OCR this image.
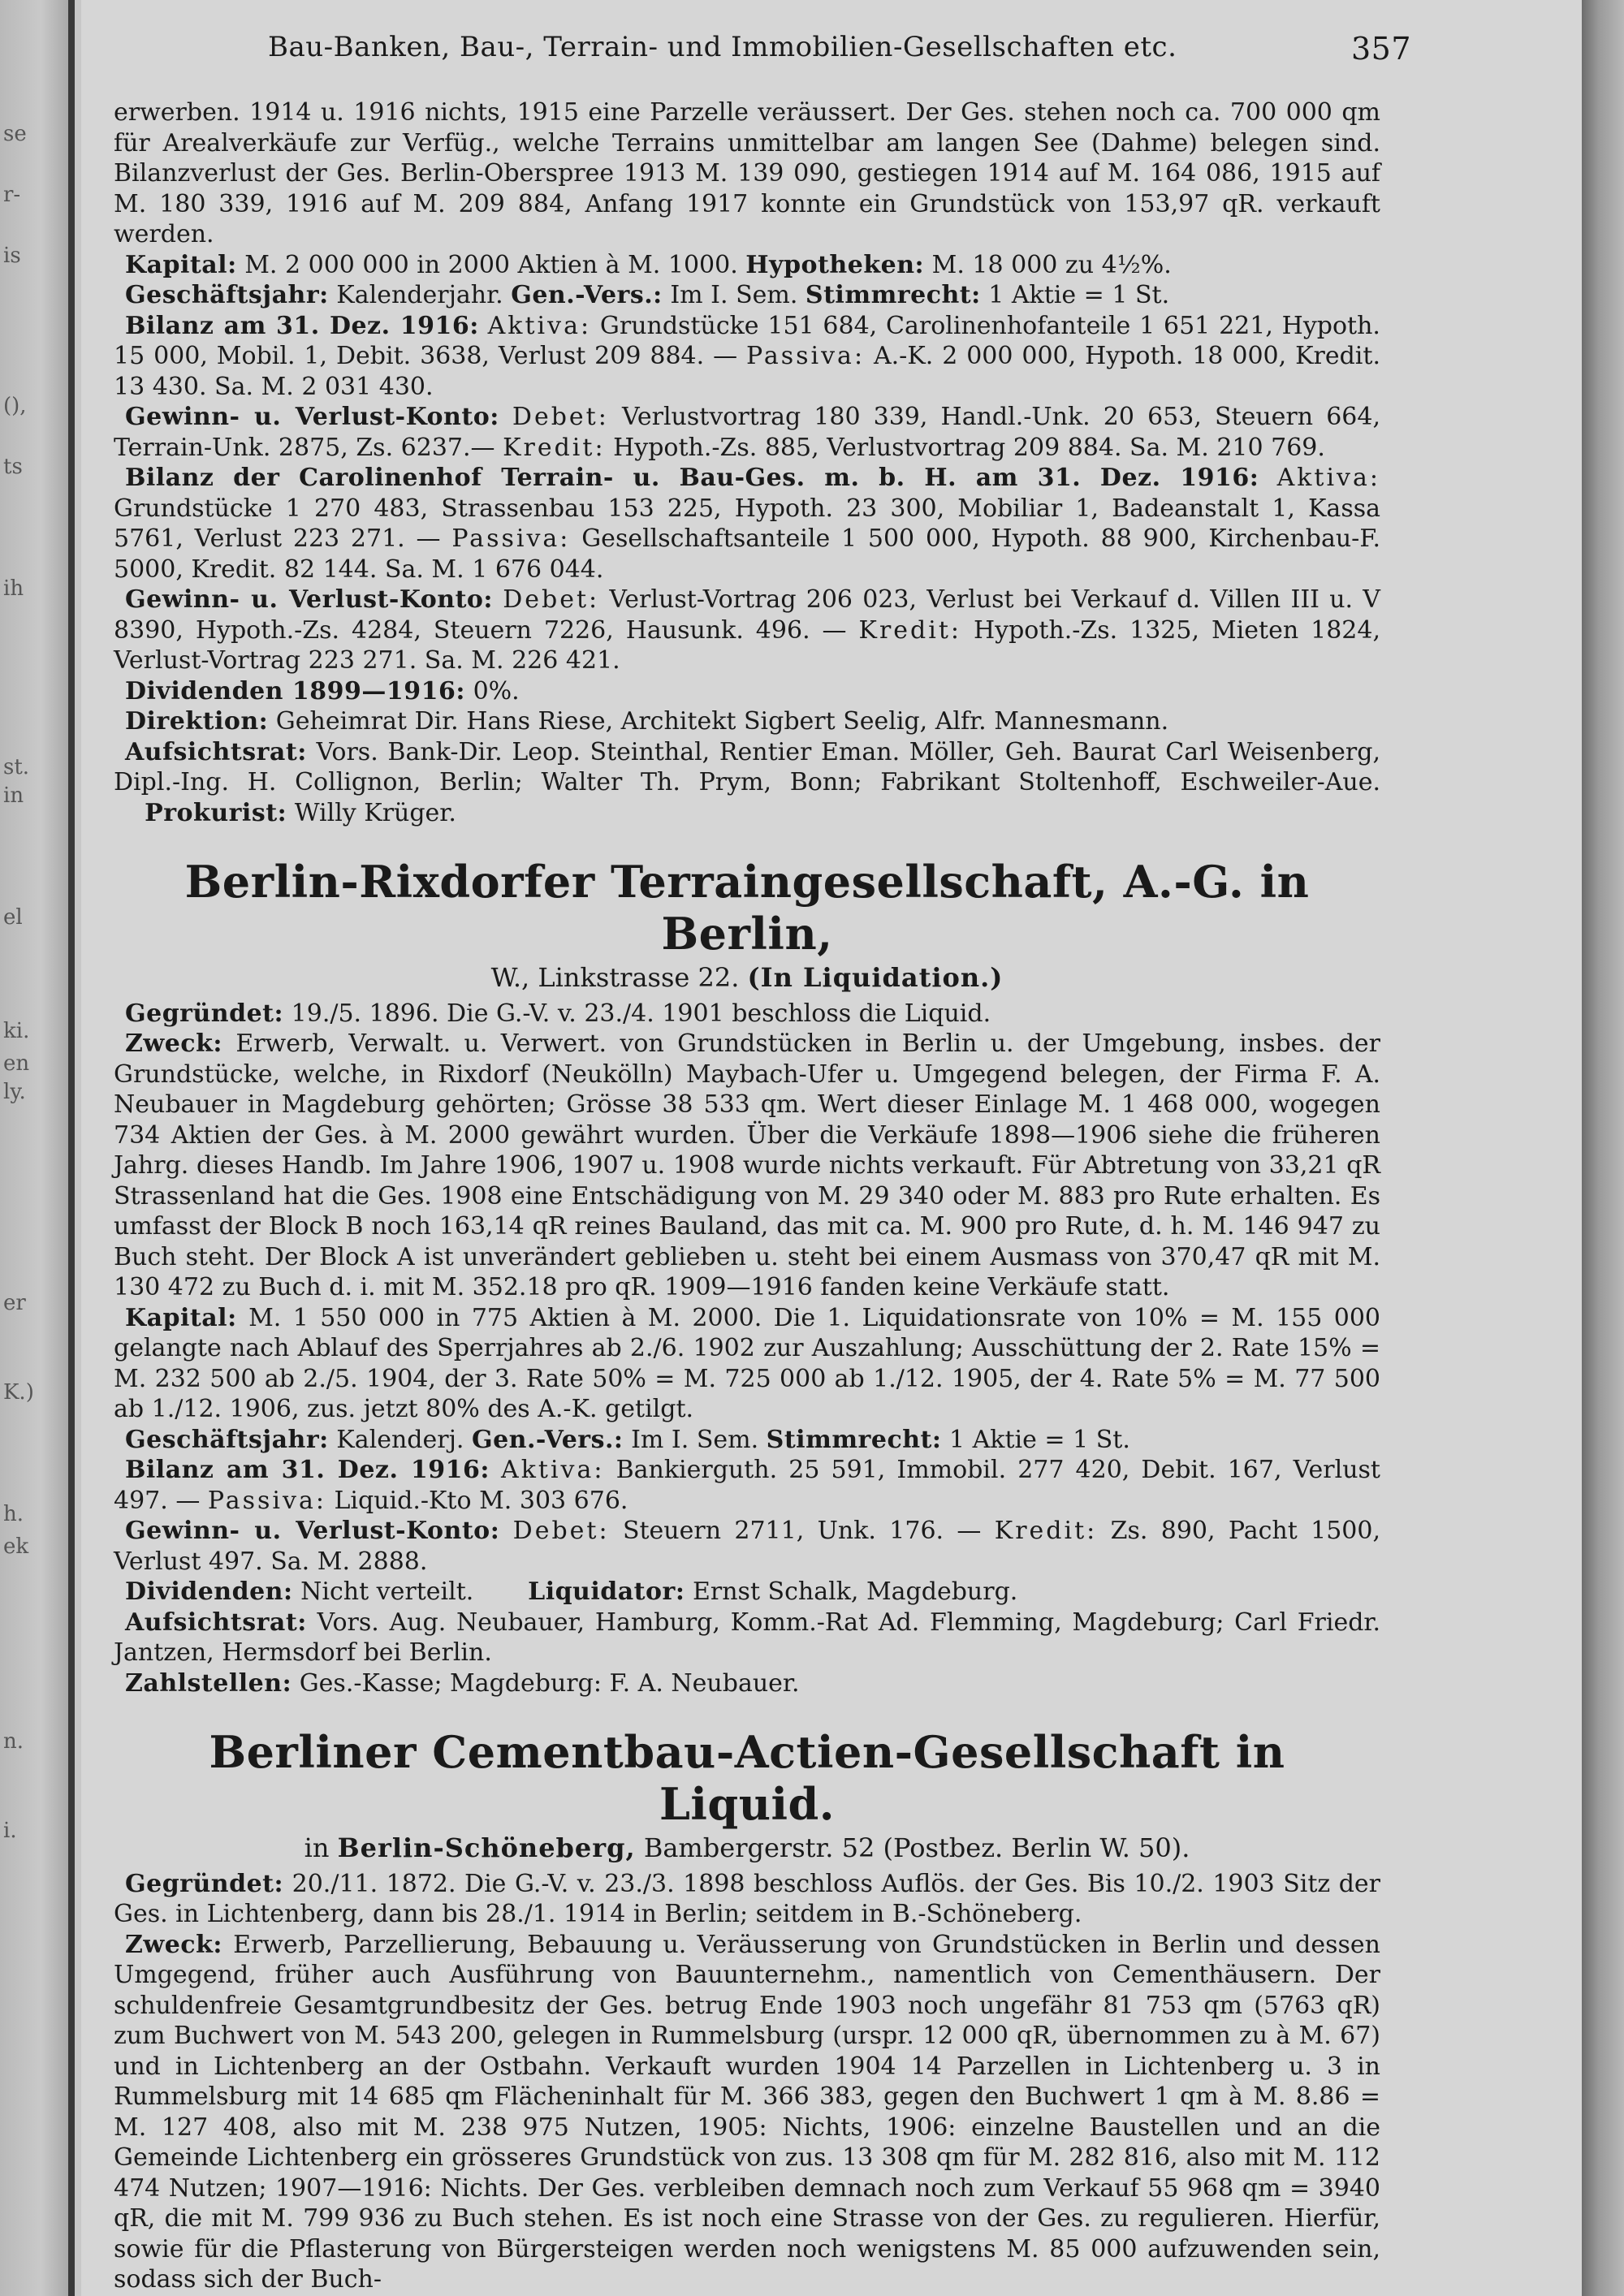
se
r-
is
(),
ts
ih
st.
in
el
ki.
en
ly.
K.)
er
h.
ek
n.
i.
Bau-Banken, Bau-, Terrain- und Immobilien-Gesellschaften etc.	357

erwerben. 1914 u. 1916 nichts, 1915 eine Parzelle veräussert. Der Ges. stehen noch ca. 700 000 qm für Arealverkäufe zur Verfüg., welche Terrains unmittelbar am langen See (Dahme) belegen sind. Bilanzverlust der Ges. Berlin-Oberspree 1913 M. 139 090, gestiegen 1914 auf M. 164 086, 1915 auf M. 180 339, 1916 auf M. 209 884, Anfang 1917 konnte ein Grundstück von 153,97 qR. verkauft werden.

Kapital: M. 2 000 000 in 2000 Aktien à M. 1000. Hypotheken: M. 18 000 zu 4½%.

Geschäftsjahr: Kalenderjahr. Gen.-Vers.: Im I. Sem. Stimmrecht: 1 Aktie = 1 St.

Bilanz am 31. Dez. 1916: Aktiva: Grundstücke 151 684, Carolinenhofanteile 1 651 221, Hypoth. 15 000, Mobil. 1, Debit. 3638, Verlust 209 884. — Passiva: A.-K. 2 000 000, Hypoth. 18 000, Kredit. 13 430. Sa. M. 2 031 430.

Gewinn- u. Verlust-Konto: Debet: Verlustvortrag 180 339, Handl.-Unk. 20 653, Steuern 664, Terrain-Unk. 2875, Zs. 6237.— Kredit: Hypoth.-Zs. 885, Verlustvortrag 209 884. Sa. M. 210 769.

Bilanz der Carolinenhof Terrain- u. Bau-Ges. m. b. H. am 31. Dez. 1916: Aktiva: Grundstücke 1 270 483, Strassenbau 153 225, Hypoth. 23 300, Mobiliar 1, Badeanstalt 1, Kassa 5761, Verlust 223 271. — Passiva: Gesellschaftsanteile 1 500 000, Hypoth. 88 900, Kirchenbau-F. 5000, Kredit. 82 144. Sa. M. 1 676 044.

Gewinn- u. Verlust-Konto: Debet: Verlust-Vortrag 206 023, Verlust bei Verkauf d. Villen III u. V 8390, Hypoth.-Zs. 4284, Steuern 7226, Hausunk. 496. — Kredit: Hypoth.-Zs. 1325, Mieten 1824, Verlust-Vortrag 223 271. Sa. M. 226 421.

Dividenden 1899—1916: 0%.

Direktion: Geheimrat Dir. Hans Riese, Architekt Sigbert Seelig, Alfr. Mannesmann.

Aufsichtsrat: Vors. Bank-Dir. Leop. Steinthal, Rentier Eman. Möller, Geh. Baurat Carl Weisenberg, Dipl.-Ing. H. Collignon, Berlin; Walter Th. Prym, Bonn; Fabrikant Stoltenhoff, Eschweiler-Aue.     Prokurist: Willy Krüger.

Berlin-Rixdorfer Terraingesellschaft, A.-G. in Berlin,
W., Linkstrasse 22. (In Liquidation.)

Gegründet: 19./5. 1896. Die G.-V. v. 23./4. 1901 beschloss die Liquid.

Zweck: Erwerb, Verwalt. u. Verwert. von Grundstücken in Berlin u. der Umgebung, insbes. der Grundstücke, welche, in Rixdorf (Neukölln) Maybach-Ufer u. Umgegend belegen, der Firma F. A. Neubauer in Magdeburg gehörten; Grösse 38 533 qm. Wert dieser Einlage M. 1 468 000, wogegen 734 Aktien der Ges. à M. 2000 gewährt wurden. Über die Verkäufe 1898—1906 siehe die früheren Jahrg. dieses Handb. Im Jahre 1906, 1907 u. 1908 wurde nichts verkauft. Für Abtretung von 33,21 qR Strassenland hat die Ges. 1908 eine Entschädigung von M. 29 340 oder M. 883 pro Rute erhalten. Es umfasst der Block B noch 163,14 qR reines Bauland, das mit ca. M. 900 pro Rute, d. h. M. 146 947 zu Buch steht. Der Block A ist unverändert geblieben u. steht bei einem Ausmass von 370,47 qR mit M. 130 472 zu Buch d. i. mit M. 352.18 pro qR. 1909—1916 fanden keine Verkäufe statt.

Kapital: M. 1 550 000 in 775 Aktien à M. 2000. Die 1. Liquidationsrate von 10% = M. 155 000 gelangte nach Ablauf des Sperrjahres ab 2./6. 1902 zur Auszahlung; Ausschüttung der 2. Rate 15% = M. 232 500 ab 2./5. 1904, der 3. Rate 50% = M. 725 000 ab 1./12. 1905, der 4. Rate 5% = M. 77 500 ab 1./12. 1906, zus. jetzt 80% des A.-K. getilgt.

Geschäftsjahr: Kalenderj. Gen.-Vers.: Im I. Sem. Stimmrecht: 1 Aktie = 1 St.

Bilanz am 31. Dez. 1916: Aktiva: Bankierguth. 25 591, Immobil. 277 420, Debit. 167, Verlust 497. — Passiva: Liquid.-Kto M. 303 676.

Gewinn- u. Verlust-Konto: Debet: Steuern 2711, Unk. 176. — Kredit: Zs. 890, Pacht 1500, Verlust 497. Sa. M. 2888.

Dividenden: Nicht verteilt. Liquidator: Ernst Schalk, Magdeburg.

Aufsichtsrat: Vors. Aug. Neubauer, Hamburg, Komm.-Rat Ad. Flemming, Magdeburg; Carl Friedr. Jantzen, Hermsdorf bei Berlin.

Zahlstellen: Ges.-Kasse; Magdeburg: F. A. Neubauer.

Berliner Cementbau-Actien-Gesellschaft in Liquid.
in Berlin-Schöneberg, Bambergerstr. 52 (Postbez. Berlin W. 50).

Gegründet: 20./11. 1872. Die G.-V. v. 23./3. 1898 beschloss Auflös. der Ges. Bis 10./2. 1903 Sitz der Ges. in Lichtenberg, dann bis 28./1. 1914 in Berlin; seitdem in B.-Schöneberg.

Zweck: Erwerb, Parzellierung, Bebauung u. Veräusserung von Grundstücken in Berlin und dessen Umgegend, früher auch Ausführung von Bauunternehm., namentlich von Cementhäusern. Der schuldenfreie Gesamtgrundbesitz der Ges. betrug Ende 1903 noch ungefähr 81 753 qm (5763 qR) zum Buchwert von M. 543 200, gelegen in Rummelsburg (urspr. 12 000 qR, übernommen zu à M. 67) und in Lichtenberg an der Ostbahn. Verkauft wurden 1904 14 Parzellen in Lichtenberg u. 3 in Rummelsburg mit 14 685 qm Flächeninhalt für M. 366 383, gegen den Buchwert 1 qm à M. 8.86 = M. 127 408, also mit M. 238 975 Nutzen, 1905: Nichts, 1906: einzelne Baustellen und an die Gemeinde Lichtenberg ein grösseres Grundstück von zus. 13 308 qm für M. 282 816, also mit M. 112 474 Nutzen; 1907—1916: Nichts. Der Ges. verbleiben demnach noch zum Verkauf 55 968 qm = 3940 qR, die mit M. 799 936 zu Buch stehen. Es ist noch eine Strasse von der Ges. zu regulieren. Hierfür, sowie für die Pflasterung von Bürgersteigen werden noch wenigstens M. 85 000 aufzuwenden sein, sodass sich der Buch-
